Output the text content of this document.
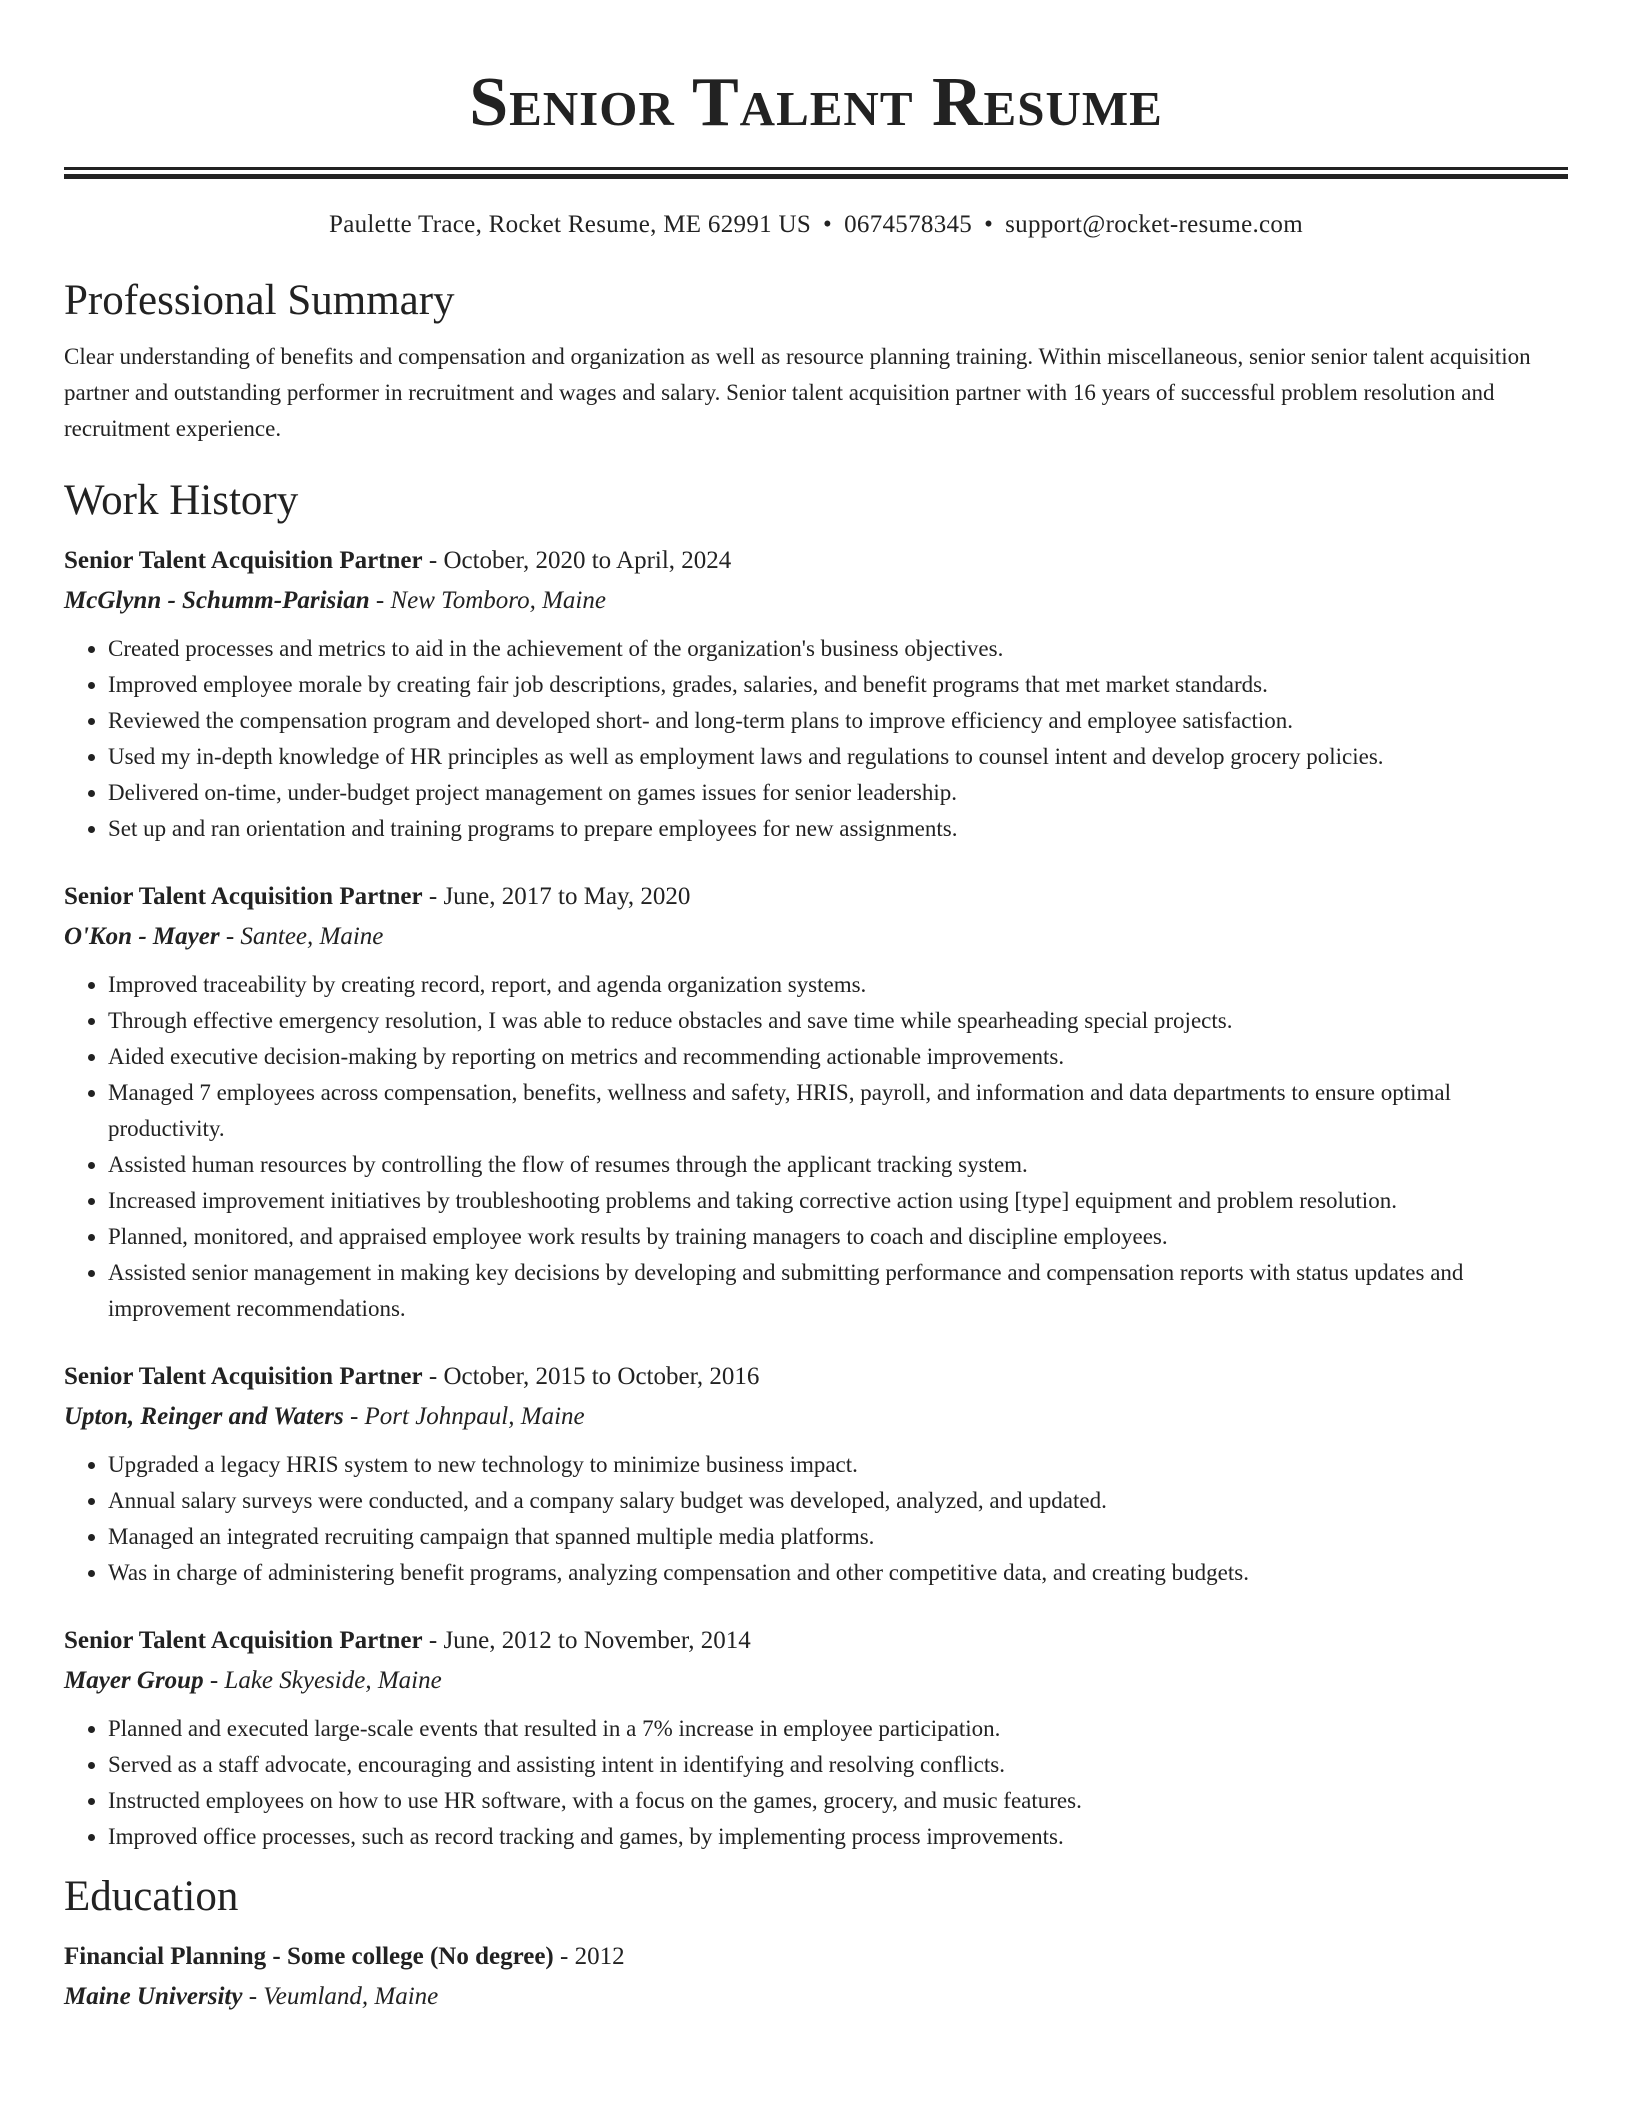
Senior Talent Resume
Paulette Trace, Rocket Resume, ME 62991 US • 0674578345 • support@rocket-resume.com
Professional Summary
Clear understanding of benefits and compensation and organization as well as resource planning training. Within miscellaneous, senior senior talent acquisition partner and outstanding performer in recruitment and wages and salary. Senior talent acquisition partner with 16 years of successful problem resolution and recruitment experience.
Work History
Senior Talent Acquisition Partner - October, 2020 to April, 2024
McGlynn - Schumm-Parisian - New Tomboro, Maine
• Created processes and metrics to aid in the achievement of the organization's business objectives.
• Improved employee morale by creating fair job descriptions, grades, salaries, and benefit programs that met market standards.
• Reviewed the compensation program and developed short- and long-term plans to improve efficiency and employee satisfaction.
• Used my in-depth knowledge of HR principles as well as employment laws and regulations to counsel intent and develop grocery policies.
• Delivered on-time, under-budget project management on games issues for senior leadership.
• Set up and ran orientation and training programs to prepare employees for new assignments.
Senior Talent Acquisition Partner - June, 2017 to May, 2020
O'Kon - Mayer - Santee, Maine
• Improved traceability by creating record, report, and agenda organization systems.
• Through effective emergency resolution, I was able to reduce obstacles and save time while spearheading special projects.
• Aided executive decision-making by reporting on metrics and recommending actionable improvements.
• Managed 7 employees across compensation, benefits, wellness and safety, HRIS, payroll, and information and data departments to ensure optimal productivity.
• Assisted human resources by controlling the flow of resumes through the applicant tracking system.
• Increased improvement initiatives by troubleshooting problems and taking corrective action using [type] equipment and problem resolution.
• Planned, monitored, and appraised employee work results by training managers to coach and discipline employees.
• Assisted senior management in making key decisions by developing and submitting performance and compensation reports with status updates and improvement recommendations.
Senior Talent Acquisition Partner - October, 2015 to October, 2016
Upton, Reinger and Waters - Port Johnpaul, Maine
• Upgraded a legacy HRIS system to new technology to minimize business impact.
• Annual salary surveys were conducted, and a company salary budget was developed, analyzed, and updated.
• Managed an integrated recruiting campaign that spanned multiple media platforms.
• Was in charge of administering benefit programs, analyzing compensation and other competitive data, and creating budgets.
Senior Talent Acquisition Partner - June, 2012 to November, 2014
Mayer Group - Lake Skyeside, Maine
• Planned and executed large-scale events that resulted in a 7% increase in employee participation.
• Served as a staff advocate, encouraging and assisting intent in identifying and resolving conflicts.
• Instructed employees on how to use HR software, with a focus on the games, grocery, and music features.
• Improved office processes, such as record tracking and games, by implementing process improvements.
Education
Financial Planning - Some college (No degree) - 2012
Maine University - Veumland, Maine
